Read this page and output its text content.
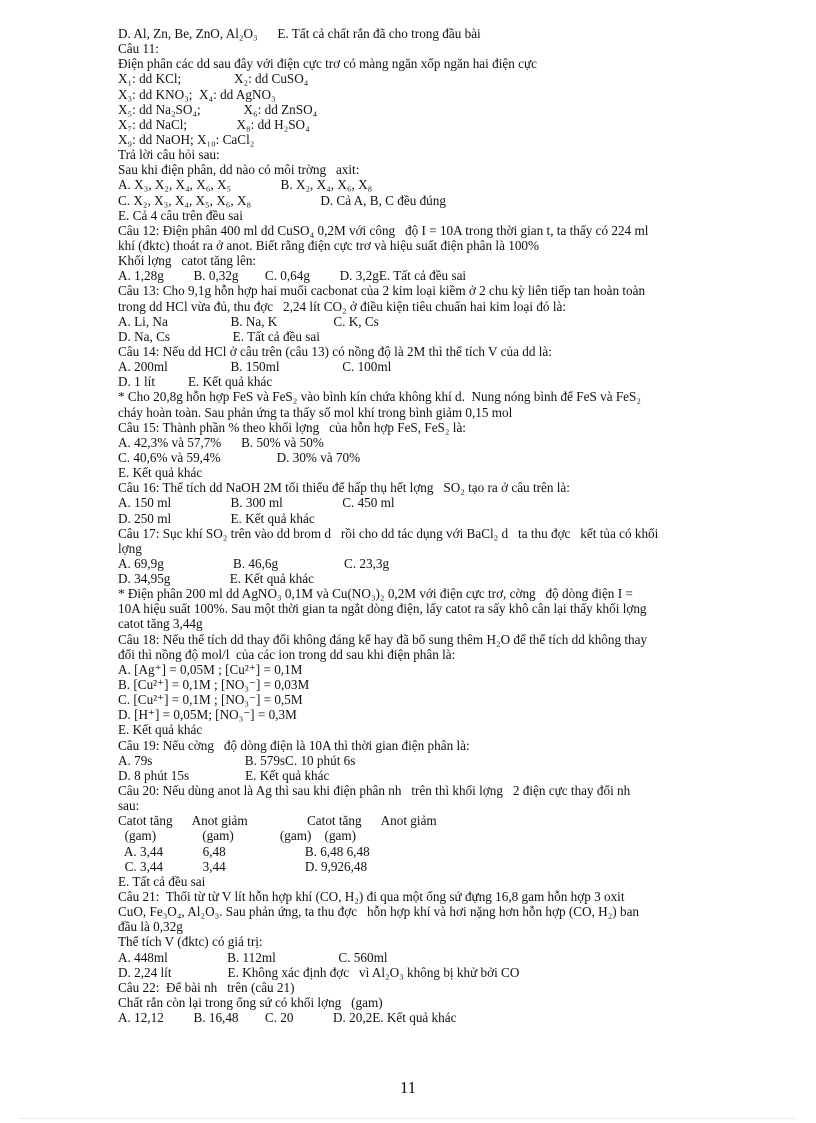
D. Al, Zn, Be, ZnO, Al₂O₃      E. Tất cả chất rắn đã cho trong đầu bài
Câu 11:
Điện phân các dd sau đây với điện cực trơ có màng ngăn xốp ngăn hai điện cực
X₁: dd KCl;                X₂: dd CuSO₄
X₃: dd KNO₃;  X₄: dd AgNO₃
X₅: dd Na₂SO₄;             X₆: dd ZnSO₄
X₇: dd NaCl;               X₈: dd H₂SO₄
X₉: dd NaOH; X₁₀: CaCl₂
Trả lời câu hỏi sau:
Sau khi điện phân, dd nào có môi trờng   axit:
A. X₃, X₂, X₄, X₆, X₅               B. X₂, X₄, X₆, X₈
C. X₂, X₃, X₄, X₅, X₆, X₈                     D. Cả A, B, C đều đúng
E. Cả 4 câu trên đều sai
Câu 12: Điện phân 400 ml dd CuSO₄ 0,2M với công   độ I = 10A trong thời gian t, ta thấy có 224 ml
khí (đktc) thoát ra ở anot. Biết rằng điện cực trơ và hiệu suất điện phân là 100%
Khối lợng   catot tăng lên:
A. 1,28g         B. 0,32g        C. 0,64g         D. 3,2gE. Tất cả đều sai
Câu 13: Cho 9,1g hỗn hợp hai muối cacbonat của 2 kim loại kiềm ở 2 chu kỳ liên tiếp tan hoàn toàn
trong dd HCl vừa đủ, thu đợc   2,24 lít CO₂ ở điều kiện tiêu chuẩn hai kim loại đó là:
A. Li, Na                   B. Na, K                 C. K, Cs
D. Na, Cs                   E. Tất cả đều sai
Câu 14: Nếu dd HCl ở câu trên (câu 13) có nồng độ là 2M thì thể tích V của dd là:
A. 200ml                   B. 150ml                   C. 100ml
D. 1 lít          E. Kết quả khác
* Cho 20,8g hỗn hợp FeS và FeS₂ vào bình kín chứa không khí d.  Nung nóng bình để FeS và FeS₂
cháy hoàn toàn. Sau phản ứng ta thấy số mol khí trong bình giảm 0,15 mol
Câu 15: Thành phần % theo khối lợng   của hỗn hợp FeS, FeS₂ là:
A. 42,3% và 57,7%      B. 50% và 50%
C. 40,6% và 59,4%                 D. 30% và 70%
E. Kết quả khác
Câu 16: Thể tích dd NaOH 2M tối thiểu để hấp thụ hết lợng   SO₂ tạo ra ở câu trên là:
A. 150 ml                  B. 300 ml                  C. 450 ml
D. 250 ml                  E. Kết quả khác
Câu 17: Sục khí SO₂ trên vào dd brom d   rồi cho dd tác dụng với BaCl₂ d   ta thu đợc   kết tủa có khối
lợng
A. 69,9g                     B. 46,6g                    C. 23,3g
D. 34,95g                  E. Kết quả khác
* Điện phân 200 ml dd AgNO₃ 0,1M và Cu(NO₃)₂ 0,2M với điện cực trơ, cờng   độ dòng điện I =
10A hiệu suất 100%. Sau một thời gian ta ngắt dòng điện, lấy catot ra sấy khô cân lại thấy khối lợng
catot tăng 3,44g
Câu 18: Nếu thể tích dd thay đổi không đáng kể hay đã bổ sung thêm H₂O để thể tích dd không thay
đổi thì nồng độ mol/l  của các ion trong dd sau khi điện phân là:
A. [Ag⁺] = 0,05M ; [Cu²⁺] = 0,1M
B. [Cu²⁺] = 0,1M ; [NO₃⁻] = 0,03M
C. [Cu²⁺] = 0,1M ; [NO₃⁻] = 0,5M
D. [H⁺] = 0,05M; [NO₃⁻] = 0,3M
E. Kết quả khác
Câu 19: Nếu cờng   độ dòng điện là 10A thì thời gian điện phân là:
A. 79s                            B. 579sC. 10 phút 6s
D. 8 phút 15s                 E. Kết quả khác
Câu 20: Nếu dùng anot là Ag thì sau khi điện phân nh   trên thì khối lợng   2 điện cực thay đổi nh
sau:
Catot tăng      Anot giảm                  Catot tăng      Anot giảm
(gam)              (gam)              (gam)    (gam)
A. 3,44            6,48                        B. 6,48 6,48
C. 3,44            3,44                        D. 9,926,48
E. Tất cả đều sai
Câu 21:  Thổi từ từ V lít hỗn hợp khí (CO, H₂) đi qua một ống sứ đựng 16,8 gam hỗn hợp 3 oxit
CuO, Fe₃O₄, Al₂O₃. Sau phản ứng, ta thu đợc   hỗn hợp khí và hơi nặng hơn hỗn hợp (CO, H₂) ban
đầu là 0,32g
Thể tích V (đktc) có giá trị:
A. 448ml                  B. 112ml                   C. 560ml
D. 2,24 lít                 E. Không xác định đợc   vì Al₂O₃ không bị khử bởi CO
Câu 22:  Để bài nh   trên (câu 21)
Chất rắn còn lại trong ống sứ có khối lợng   (gam)
A. 12,12         B. 16,48        C. 20            D. 20,2E. Kết quả khác
11
